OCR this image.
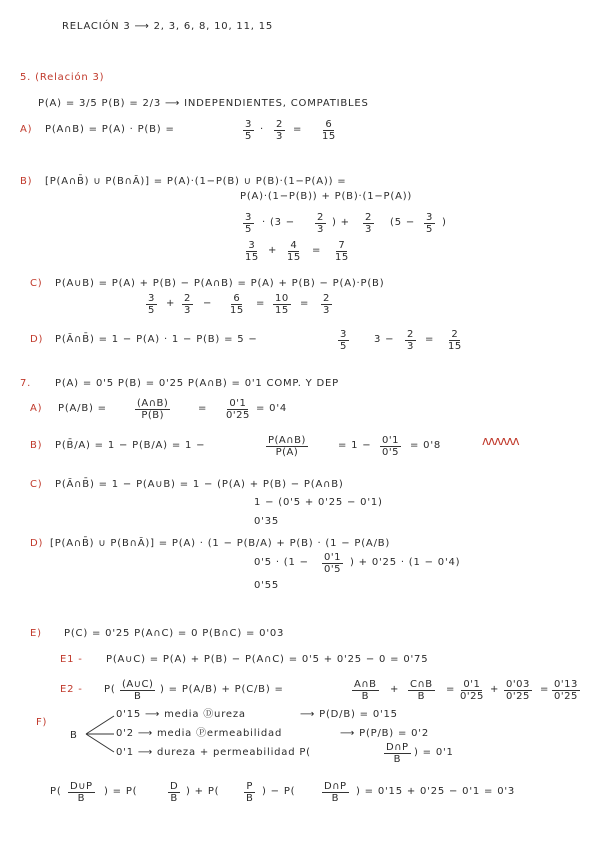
RELACIÓN 3 ⟶ 2, 3, 6, 8, 10, 11, 15
5. (Relación 3)
P(A) = 3/5 P(B) = 2/3 ⟶ INDEPENDIENTES, COMPATIBLES
A) P(A∩B) = P(A) · P(B) =	$\frac{3}{5} \cdot \frac{2}{3} = \frac{6}{15}$
B) [P(A∩B̄) ∪ P(B∩Ā)] = P(A)·(1−P(B) ∪ P(B)·(1−P(A)) =
P(A)·(1−P(B)) + P(B)·(1−P(A))
$\frac{3}{5} \cdot (3 - \frac{2}{3}$ ) + $\frac{2}{3} (5 - \frac{3}{5}$ )
$\frac{3}{15} + \frac{4}{15} = \frac{7}{15}$
C) P(A∪B) = P(A) + P(B) − P(A∩B) = P(A) + P(B) − P(A)·P(B)
$\frac{3}{5} + \frac{2}{3} - \frac{6}{15} = \frac{10}{15} = \frac{2}{3}$
D) P(Ā∩B̄) = 1 − P(A) · 1 − P(B) = 5 −	$\frac{3}{5}$	$3 - \frac{2}{3} = \frac{2}{15}$
7. P(A) = 0'5 P(B) = 0'25 P(A∩B) = 0'1 COMP. Y DEP
A) P(A/B) =	$\frac{(A\cap B)}{P(B)}$	= $\frac{0'1}{0'25} = 0'4$
B) P(B̄/A) = 1 − P(B/A) = 1 −	$\frac{P(A\cap B)}{P(A)}$	= $1 - \frac{0'1}{0'5} = 0'8$	ʌʌʌʌʌʌ
C) P(Ā∩B̄) = 1 − P(A∪B) = 1 − (P(A) + P(B) − P(A∩B)
1 − (0'5 + 0'25 − 0'1)
0'35
D) [P(A∩B̄) ∪ P(B∩Ā)] = P(A) · (1 − P(B/A) + P(B) · (1 − P(A/B)
$0'5 \cdot (1 - \frac{0'1}{0'5}$ ) + 0'25 · (1 − 0'4)
0'55
E) P(C) = 0'25 P(A∩C) = 0 P(B∩C) = 0'03
E1 - P(A∪C) = P(A) + P(B) − P(A∩C) = 0'5 + 0'25 − 0 = 0'75
$E2 - P( \frac{(A\cup C)}{B}$ ) = P(A/B) + P(C/B) =	$\frac{A\cap B}{B} + \frac{C\cap B}{B} = \frac{0'1}{0'25} + \frac{0'03}{0'25} = \frac{0'13}{0'25}$
F)
B
0'15 ⟶ media Ⓓureza	⟶ P(D/B) = 0'15
0'2 ⟶ media Ⓟermeabilidad	⟶ P(P/B) = 0'2
0'1 ⟶ dureza + permeabilidad P(	$\frac{D\cap P}{B}$ ) = 0'1
$P( \frac{D\cup P}{B}$ ) = P(	$\frac{D}{B}$ ) + $P( \frac{P}{B}$ ) − P(	$\frac{D\cap P}{B}$ ) = 0'15 + 0'25 − 0'1 = 0'3
